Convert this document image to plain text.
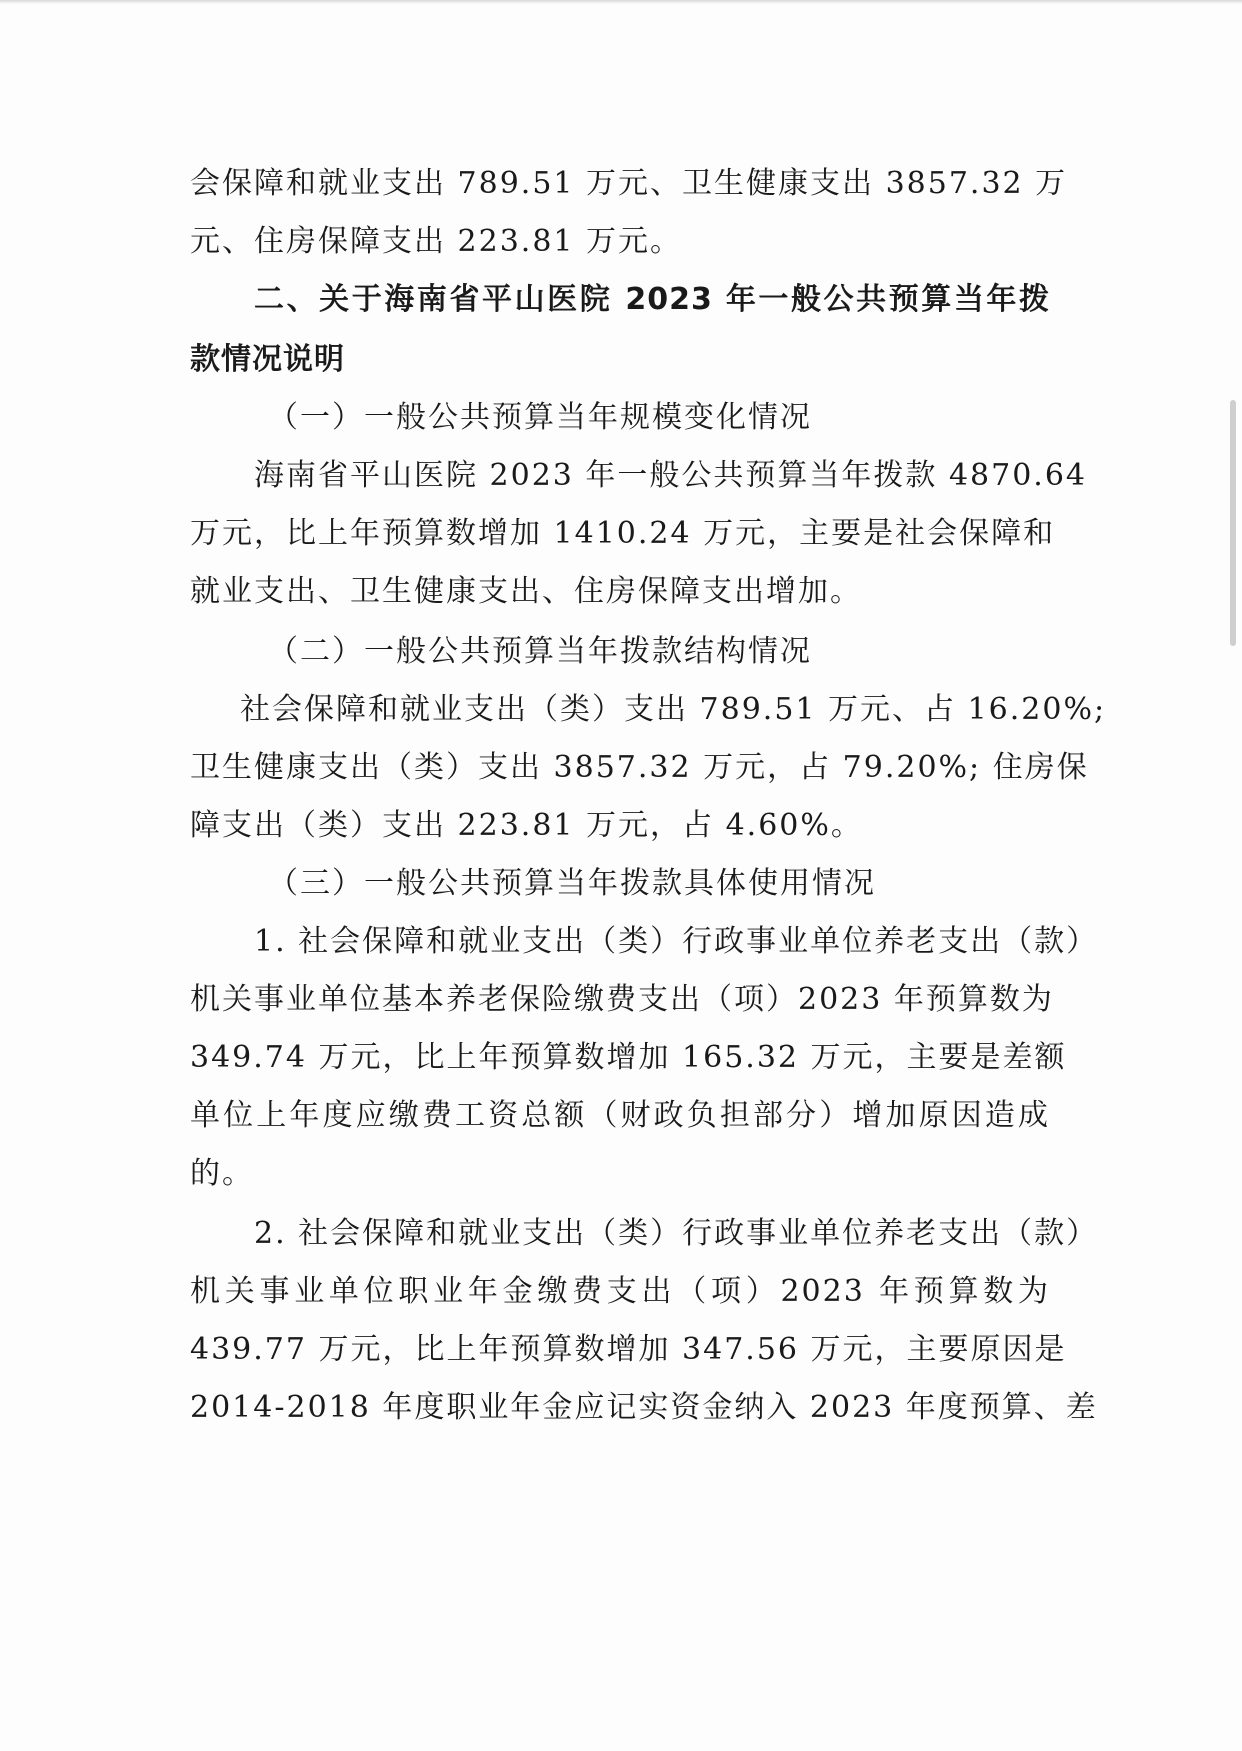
会保障和就业支出 789.51 万元、卫生健康支出 3857.32 万
元、住房保障支出 223.81 万元。
二、关于海南省平山医院 2023 年一般公共预算当年拨
款情况说明
（一）一般公共预算当年规模变化情况
海南省平山医院 2023 年一般公共预算当年拨款 4870.64
万元，比上年预算数增加 1410.24 万元，主要是社会保障和
就业支出、卫生健康支出、住房保障支出增加。
（二）一般公共预算当年拨款结构情况
社会保障和就业支出（类）支出 789.51 万元、占 16.20%;
卫生健康支出（类）支出 3857.32 万元，占 79.20%; 住房保
障支出（类）支出 223.81 万元，占 4.60%。
（三）一般公共预算当年拨款具体使用情况
1. 社会保障和就业支出（类）行政事业单位养老支出（款）
机关事业单位基本养老保险缴费支出（项）2023 年预算数为
349.74 万元，比上年预算数增加 165.32 万元，主要是差额
单位上年度应缴费工资总额（财政负担部分）增加原因造成
的。
2. 社会保障和就业支出（类）行政事业单位养老支出（款）
机关事业单位职业年金缴费支出（项）2023 年预算数为
439.77 万元，比上年预算数增加 347.56 万元，主要原因是
2014-2018 年度职业年金应记实资金纳入 2023 年度预算、差
